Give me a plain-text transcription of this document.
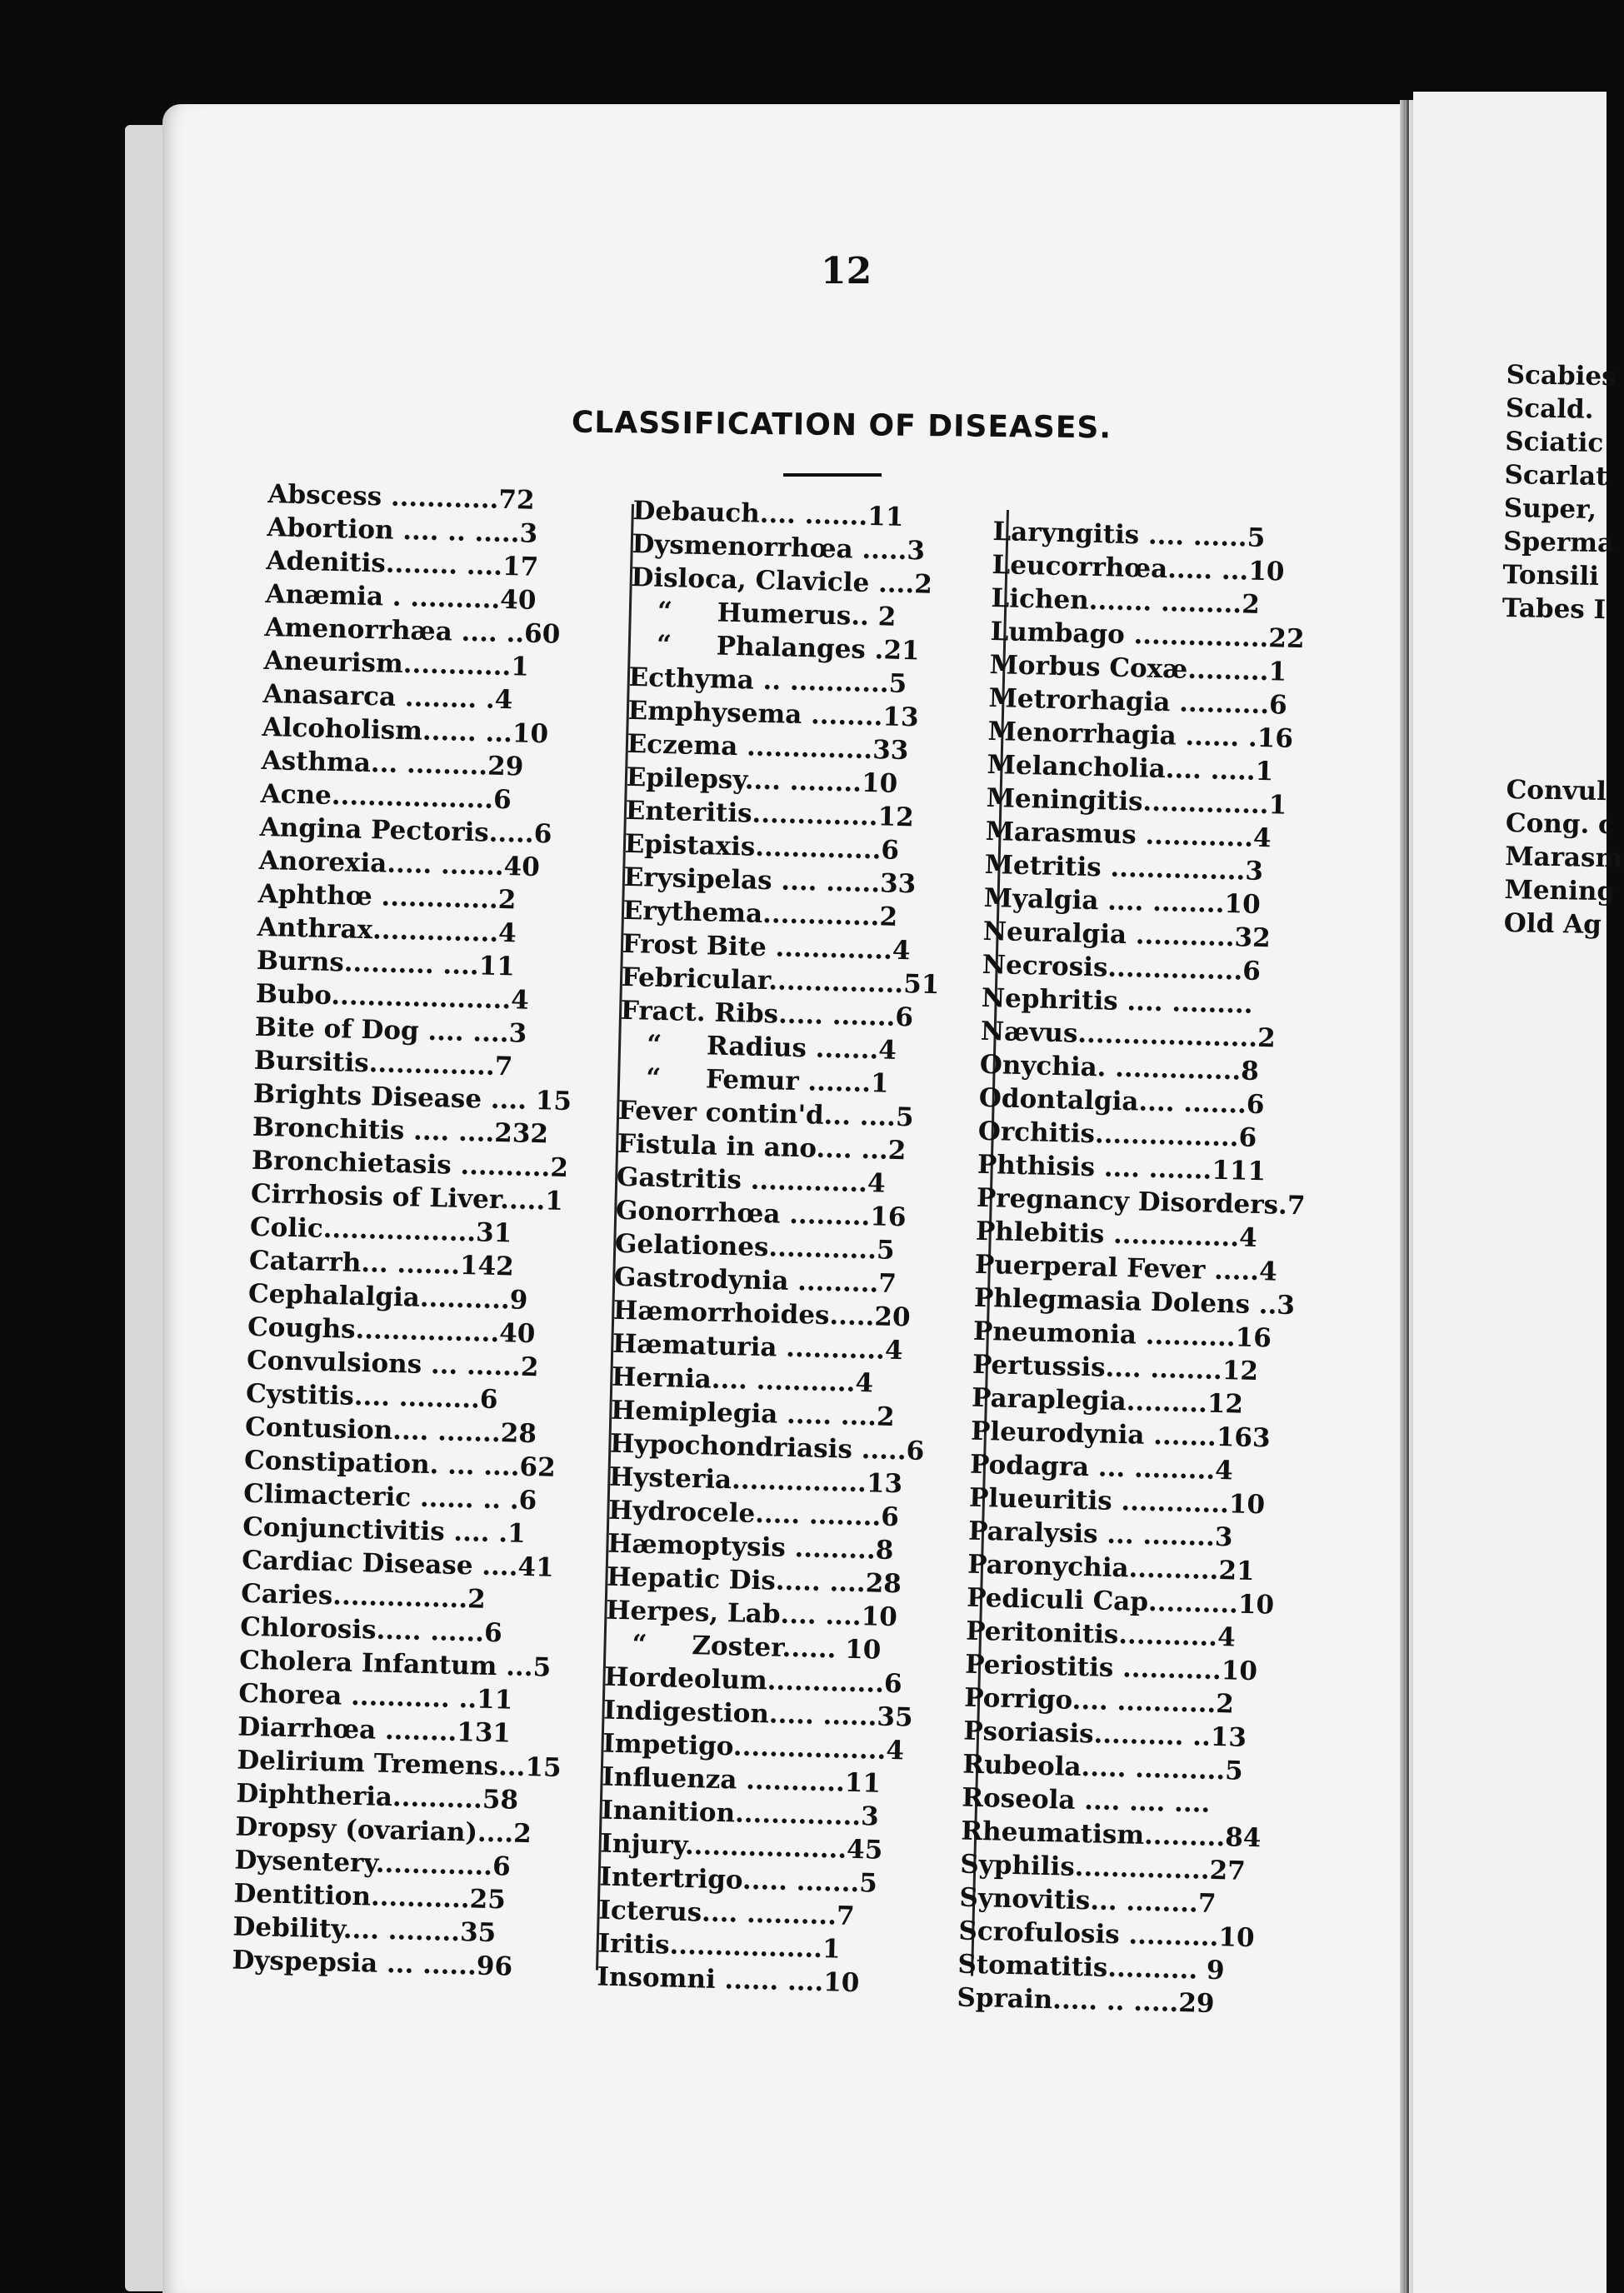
12
CLASSIFICATION OF DISEASES.
Abscess ............72
Abortion .... .. .....3
Adenitis........ ....17
Anæmia . ..........40
Amenorrhæa .... ..60
Aneurism............1
Anasarca ........ .4
Alcoholism...... ...10
Asthma... .........29
Acne..................6
Angina Pectoris.....6
Anorexia..... .......40
Aphthœ .............2
Anthrax..............4
Burns.......... ....11
Bubo....................4
Bite of Dog .... ....3
Bursitis..............7
Brights Disease .... 15
Bronchitis .... ....232
Bronchietasis ..........2
Cirrhosis of Liver.....1
Colic.................31
Catarrh... .......142
Cephalalgia..........9
Coughs................40
Convulsions ... ......2
Cystitis.... .........6
Contusion.... .......28
Constipation. ... ....62
Climacteric ...... .. .6
Conjunctivitis .... .1
Cardiac Disease ....41
Caries...............2
Chlorosis..... ......6
Cholera Infantum ...5
Chorea ........... ..11
Diarrhœa ........131
Delirium Tremens...15
Diphtheria..........58
Dropsy (ovarian)....2
Dysentery.............6
Dentition...........25
Debility.... ........35
Dyspepsia ... ......96
Debauch.... .......11
Dysmenorrhœa .....3
Disloca, Clavicle ....2
“     Humerus.. 2
“     Phalanges .21
Ecthyma .. ...........5
Emphysema ........13
Eczema ..............33
Epilepsy.... ........10
Enteritis..............12
Epistaxis..............6
Erysipelas .... ......33
Erythema.............2
Frost Bite .............4
Febricular...............51
Fract. Ribs..... .......6
“     Radius .......4
“     Femur .......1
Fever contin'd... ....5
Fistula in ano.... ...2
Gastritis .............4
Gonorrhœa .........16
Gelationes............5
Gastrodynia .........7
Hæmorrhoides.....20
Hæmaturia ...........4
Hernia.... ...........4
Hemiplegia ..... ....2
Hypochondriasis .....6
Hysteria...............13
Hydrocele..... ........6
Hæmoptysis .........8
Hepatic Dis..... ....28
Herpes, Lab.... ....10
“     Zoster...... 10
Hordeolum.............6
Indigestion..... ......35
Impetigo.................4
Influenza ...........11
Inanition..............3
Injury..................45
Intertrigo..... .......5
Icterus.... ..........7
Iritis.................1
Insomni ...... ....10
Laryngitis .... ......5
Leucorrhœa..... ...10
Lichen....... .........2
Lumbago ...............22
Morbus Coxæ.........1
Metrorhagia ..........6
Menorrhagia ...... .16
Melancholia.... .....1
Meningitis..............1
Marasmus ............4
Metritis ...............3
Myalgia .... ........10
Neuralgia ...........32
Necrosis...............6
Nephritis .... .........
Nævus....................2
Onychia. ..............8
Odontalgia.... .......6
Orchitis................6
Phthisis .... .......111
Pregnancy Disorders.7
Phlebitis ..............4
Puerperal Fever .....4
Phlegmasia Dolens ..3
Pneumonia ..........16
Pertussis.... ........12
Paraplegia.........12
Pleurodynia .......163
Podagra ... .........4
Plueuritis ............10
Paralysis ... ........3
Paronychia..........21
Pediculi Cap..........10
Peritonitis...........4
Periostitis ...........10
Porrigo.... ...........2
Psoriasis.......... ..13
Rubeola..... ..........5
Roseola .... .... ....
Rheumatism.........84
Syphilis...............27
Synovitis... ........7
Scrofulosis ..........10
Stomatitis.......... 9
Sprain..... .. .....29
Scabies
Scald.
Sciatic
Scarlat
Super,
Sperma
Tonsili
Tabes I
Convul
Cong. c
Marasm
Mening
Old Ag
